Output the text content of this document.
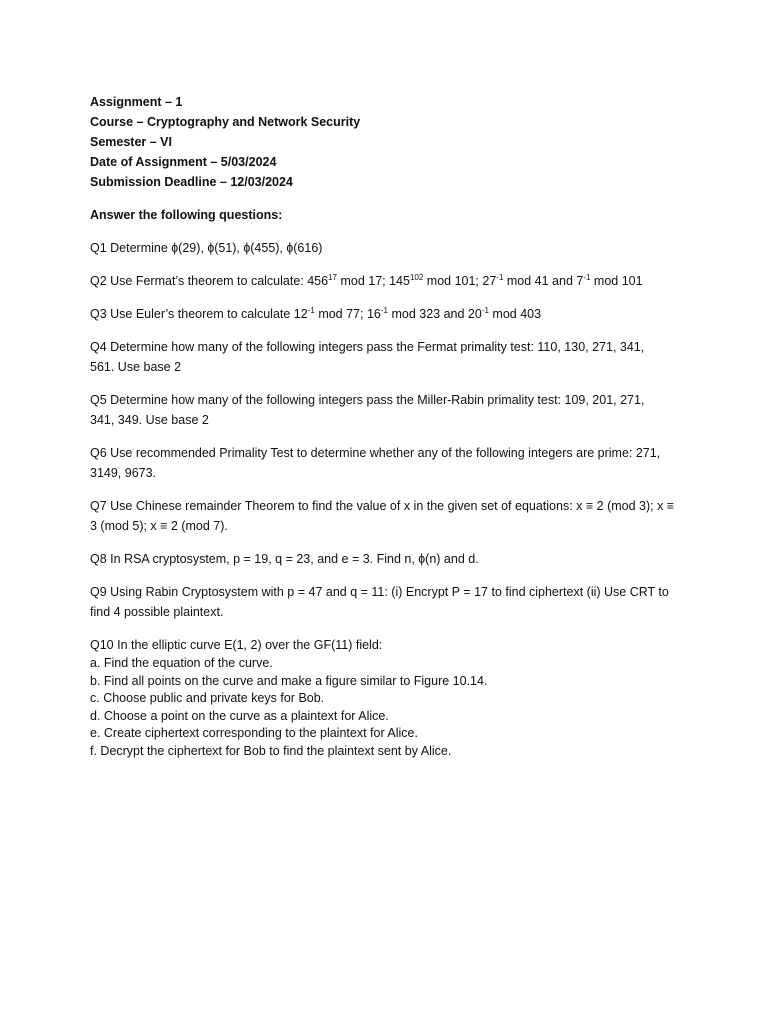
Assignment – 1
Course – Cryptography and Network Security
Semester – VI
Date of Assignment – 5/03/2024
Submission Deadline – 12/03/2024
Answer the following questions:
Q1 Determine ɸ(29), ɸ(51), ɸ(455), ɸ(616)
Q2 Use Fermat’s theorem to calculate: $456^{17}$ mod 17; $145^{102}$ mod 101; $27^{-1}$ mod 41 and $7^{-1}$ mod 101
Q3 Use Euler’s theorem to calculate $12^{-1}$ mod 77; $16^{-1}$ mod 323 and $20^{-1}$ mod 403
Q4 Determine how many of the following integers pass the Fermat primality test: 110, 130, 271, 341,
561. Use base 2
Q5 Determine how many of the following integers pass the Miller-Rabin primality test: 109, 201, 271,
341, 349. Use base 2
Q6 Use recommended Primality Test to determine whether any of the following integers are prime: 271,
3149, 9673.
Q7 Use Chinese remainder Theorem to find the value of x in the given set of equations: x ≡ 2 (mod 3); x ≡
3 (mod 5); x ≡ 2 (mod 7).
Q8 In RSA cryptosystem, p = 19, q = 23, and e = 3. Find n, ɸ(n) and d.
Q9 Using Rabin Cryptosystem with p = 47 and q = 11: (i) Encrypt P = 17 to find ciphertext (ii) Use CRT to
find 4 possible plaintext.
Q10 In the elliptic curve E(1, 2) over the GF(11) field:
a. Find the equation of the curve.
b. Find all points on the curve and make a figure similar to Figure 10.14.
c. Choose public and private keys for Bob.
d. Choose a point on the curve as a plaintext for Alice.
e. Create ciphertext corresponding to the plaintext for Alice.
f. Decrypt the ciphertext for Bob to find the plaintext sent by Alice.
